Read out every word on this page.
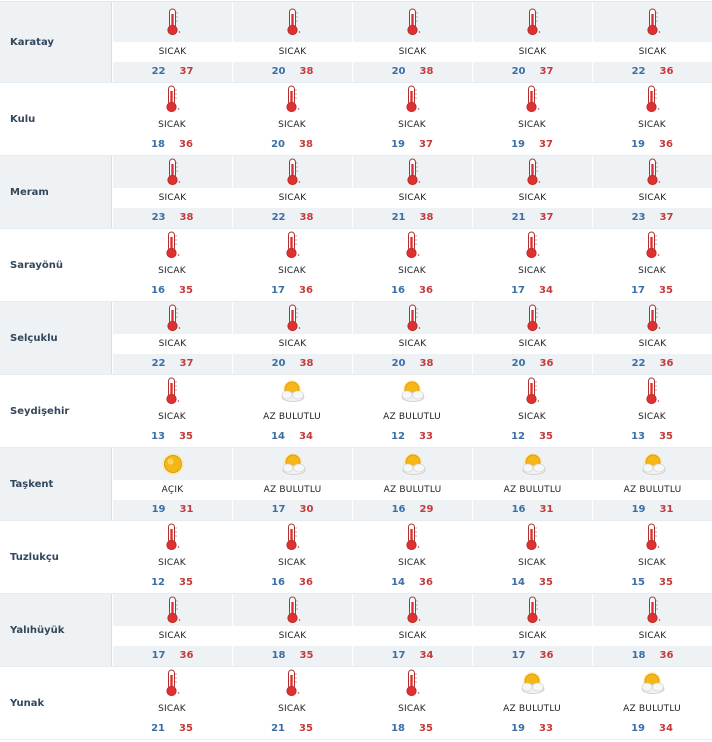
Karatay
SICAK
22 37
SICAK
20 38
SICAK
20 38
SICAK
20 37
SICAK
22 36
Kulu
SICAK
18 36
SICAK
20 38
SICAK
19 37
SICAK
19 37
SICAK
19 36
Meram
SICAK
23 38
SICAK
22 38
SICAK
21 38
SICAK
21 37
SICAK
23 37
Sarayönü
SICAK
16 35
SICAK
17 36
SICAK
16 36
SICAK
17 34
SICAK
17 35
Selçuklu
SICAK
22 37
SICAK
20 38
SICAK
20 38
SICAK
20 36
SICAK
22 36
Seydişehir
SICAK
13 35
AZ BULUTLU
14 34
AZ BULUTLU
12 33
SICAK
12 35
SICAK
13 35
Taşkent
AÇIK
19 31
AZ BULUTLU
17 30
AZ BULUTLU
16 29
AZ BULUTLU
16 31
AZ BULUTLU
19 31
Tuzlukçu
SICAK
12 35
SICAK
16 36
SICAK
14 36
SICAK
14 35
SICAK
15 35
Yalıhüyük
SICAK
17 36
SICAK
18 35
SICAK
17 34
SICAK
17 36
SICAK
18 36
Yunak
SICAK
21 35
SICAK
21 35
SICAK
18 35
AZ BULUTLU
19 33
AZ BULUTLU
19 34
